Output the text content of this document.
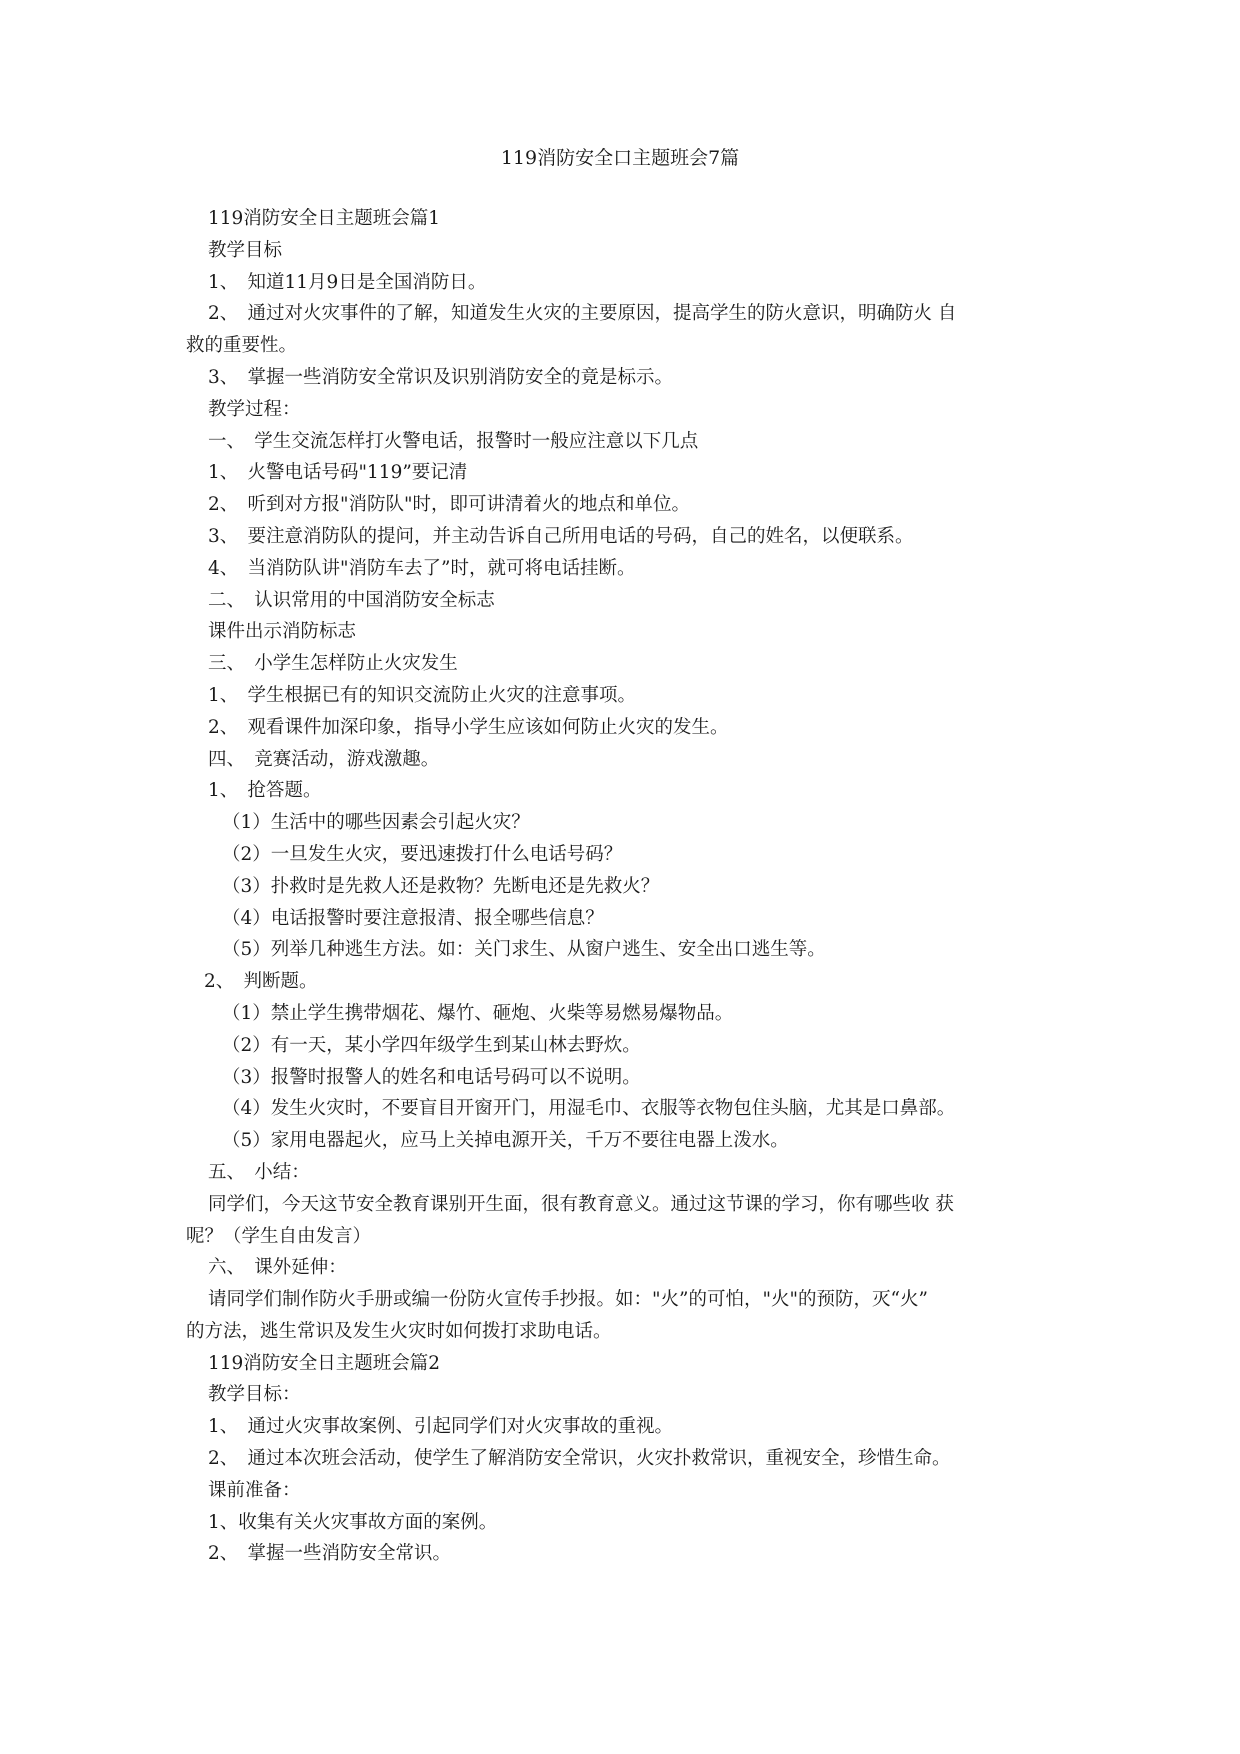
119消防安全口主题班会7篇
119消防安全日主题班会篇1
教学目标
1、　知道11月9日是全国消防日。
2、　通过对火灾事件的了解，知道发生火灾的主要原因，提高学生的防火意识，明确防火 自
救的重要性。
3、　掌握一些消防安全常识及识别消防安全的竟是标示。
教学过程：
一、　学生交流怎样打火警电话，报警时一般应注意以下几点
1、　火警电话号码"119”要记清
2、　听到对方报"消防队"时，即可讲清着火的地点和单位。
3、　要注意消防队的提问，并主动告诉自己所用电话的号码，自己的姓名，以便联系。
4、　当消防队讲"消防车去了”时，就可将电话挂断。
二、　认识常用的中国消防安全标志
课件出示消防标志
三、　小学生怎样防止火灾发生
1、　学生根据已有的知识交流防止火灾的注意事项。
2、　观看课件加深印象，指导小学生应该如何防止火灾的发生。
四、　竞赛活动，游戏激趣。
1、　抢答题。
（1）生活中的哪些因素会引起火灾？
（2）一旦发生火灾，要迅速拨打什么电话号码？
（3）扑救时是先救人还是救物？先断电还是先救火？
（4）电话报警时要注意报清、报全哪些信息？
（5）列举几种逃生方法。如：关门求生、从窗户逃生、安全出口逃生等。
2、　判断题。
（1）禁止学生携带烟花、爆竹、砸炮、火柴等易燃易爆物品。
（2）有一天，某小学四年级学生到某山林去野炊。
（3）报警时报警人的姓名和电话号码可以不说明。
（4）发生火灾时，不要盲目开窗开门，用湿毛巾、衣服等衣物包住头脑，尤其是口鼻部。
（5）家用电器起火，应马上关掉电源开关，千万不要往电器上泼水。
五、　小结：
同学们，今天这节安全教育课别开生面，很有教育意义。通过这节课的学习，你有哪些收 获
呢？（学生自由发言）
六、　课外延伸：
请同学们制作防火手册或编一份防火宣传手抄报。如："火”的可怕，"火"的预防，灭“火”
的方法，逃生常识及发生火灾时如何拨打求助电话。
119消防安全日主题班会篇2
教学目标：
1、　通过火灾事故案例、引起同学们对火灾事故的重视。
2、　通过本次班会活动，使学生了解消防安全常识，火灾扑救常识，重视安全，珍惜生命。
课前准备：
1、收集有关火灾事故方面的案例。
2、　掌握一些消防安全常识。
